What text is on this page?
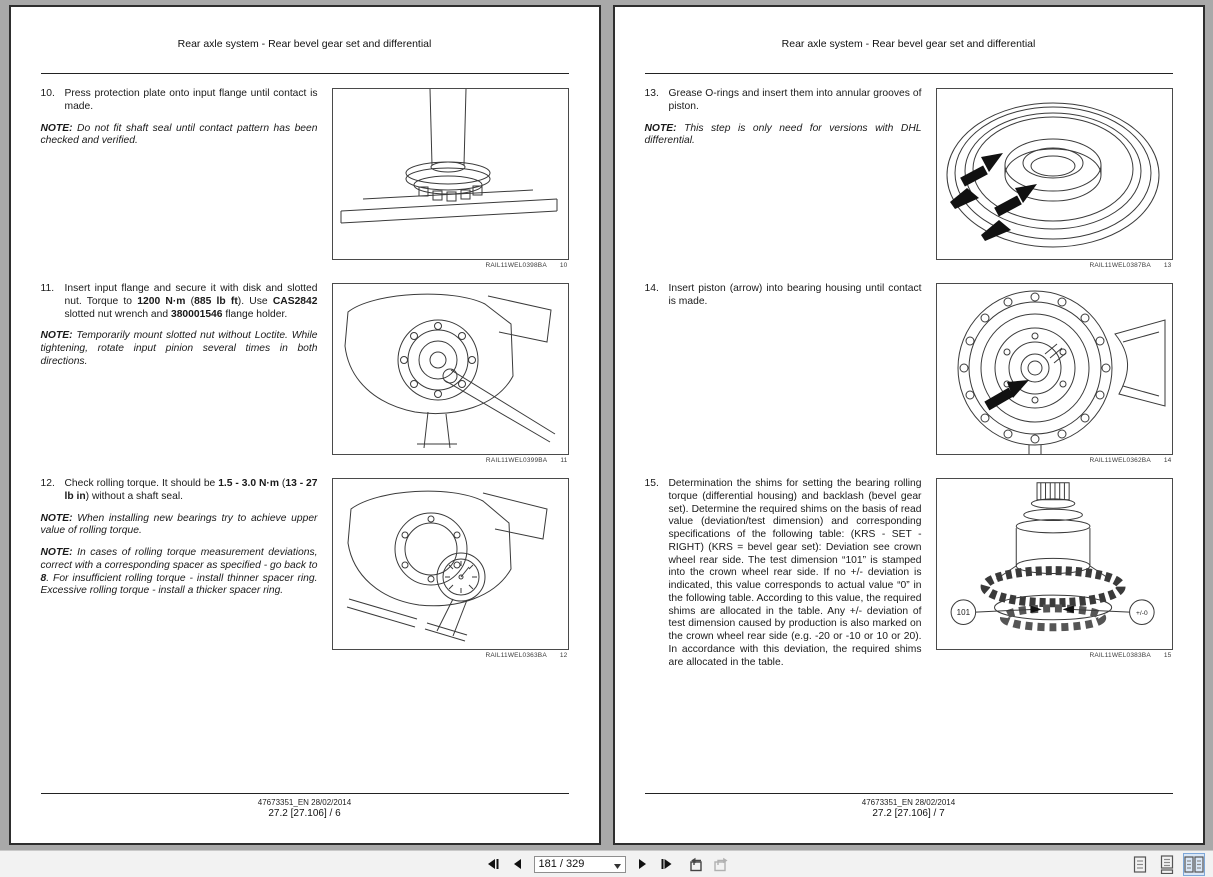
Rear axle system - Rear bevel gear set and differential
10. Press protection plate onto input flange until contact is made.

NOTE: Do not fit shaft seal until contact pattern has been checked and verified.

RAIL11WEL0398BA 10
11.	Insert input flange and secure it with disk and slotted nut. Torque to 1200 N·m (885 lb ft). Use CAS2842 slotted nut wrench and 380001546 flange holder.

NOTE: Temporarily mount slotted nut without Loctite. While tightening, rotate input pinion several times in both directions.

RAIL11WEL0399BA 11
12. Check rolling torque. It should be 1.5 - 3.0 N·m (13 - 27 lb in) without a shaft seal.

NOTE: When installing new bearings try to achieve upper value of rolling torque.

NOTE: In cases of rolling torque measurement deviations, correct with a corresponding spacer as specified - go back to 8. For insufficient rolling torque - install thinner spacer ring. Excessive rolling torque - install a thicker spacer ring.

RAIL11WEL0363BA 12
47673351_EN 28/02/2014
27.2 [27.106] / 6
Rear axle system - Rear bevel gear set and differential
13. Grease O-rings and insert them into annular grooves of piston.

NOTE: This step is only need for versions with DHL differential.

RAIL11WEL0387BA 13
14. Insert piston (arrow) into bearing housing until contact is made.
RAIL11WEL0362BA 14
15. Determination the shims for setting the bearing rolling torque (differential housing) and backlash (bevel gear set). Determine the required shims on the basis of read value (deviation/test dimension) and corresponding specifications of the following table: (KRS - SET - RIGHT) (KRS = bevel gear set): Deviation see crown wheel rear side. The test dimension “101” is stamped into the crown wheel rear side. If no +/- deviation is indicated, this value corresponds to actual value “0” in the following table. According to this value, the required shims are allocated in the table. Any +/- deviation of test dimension caused by production is also marked on the crown wheel rear side (e.g. -20 or -10 or 10 or 20). In accordance with this deviation, the required shims are allocated in the table.
101	+/-0
RAIL11WEL0383BA 15
47673351_EN 28/02/2014
27.2 [27.106] / 7
181 / 329
